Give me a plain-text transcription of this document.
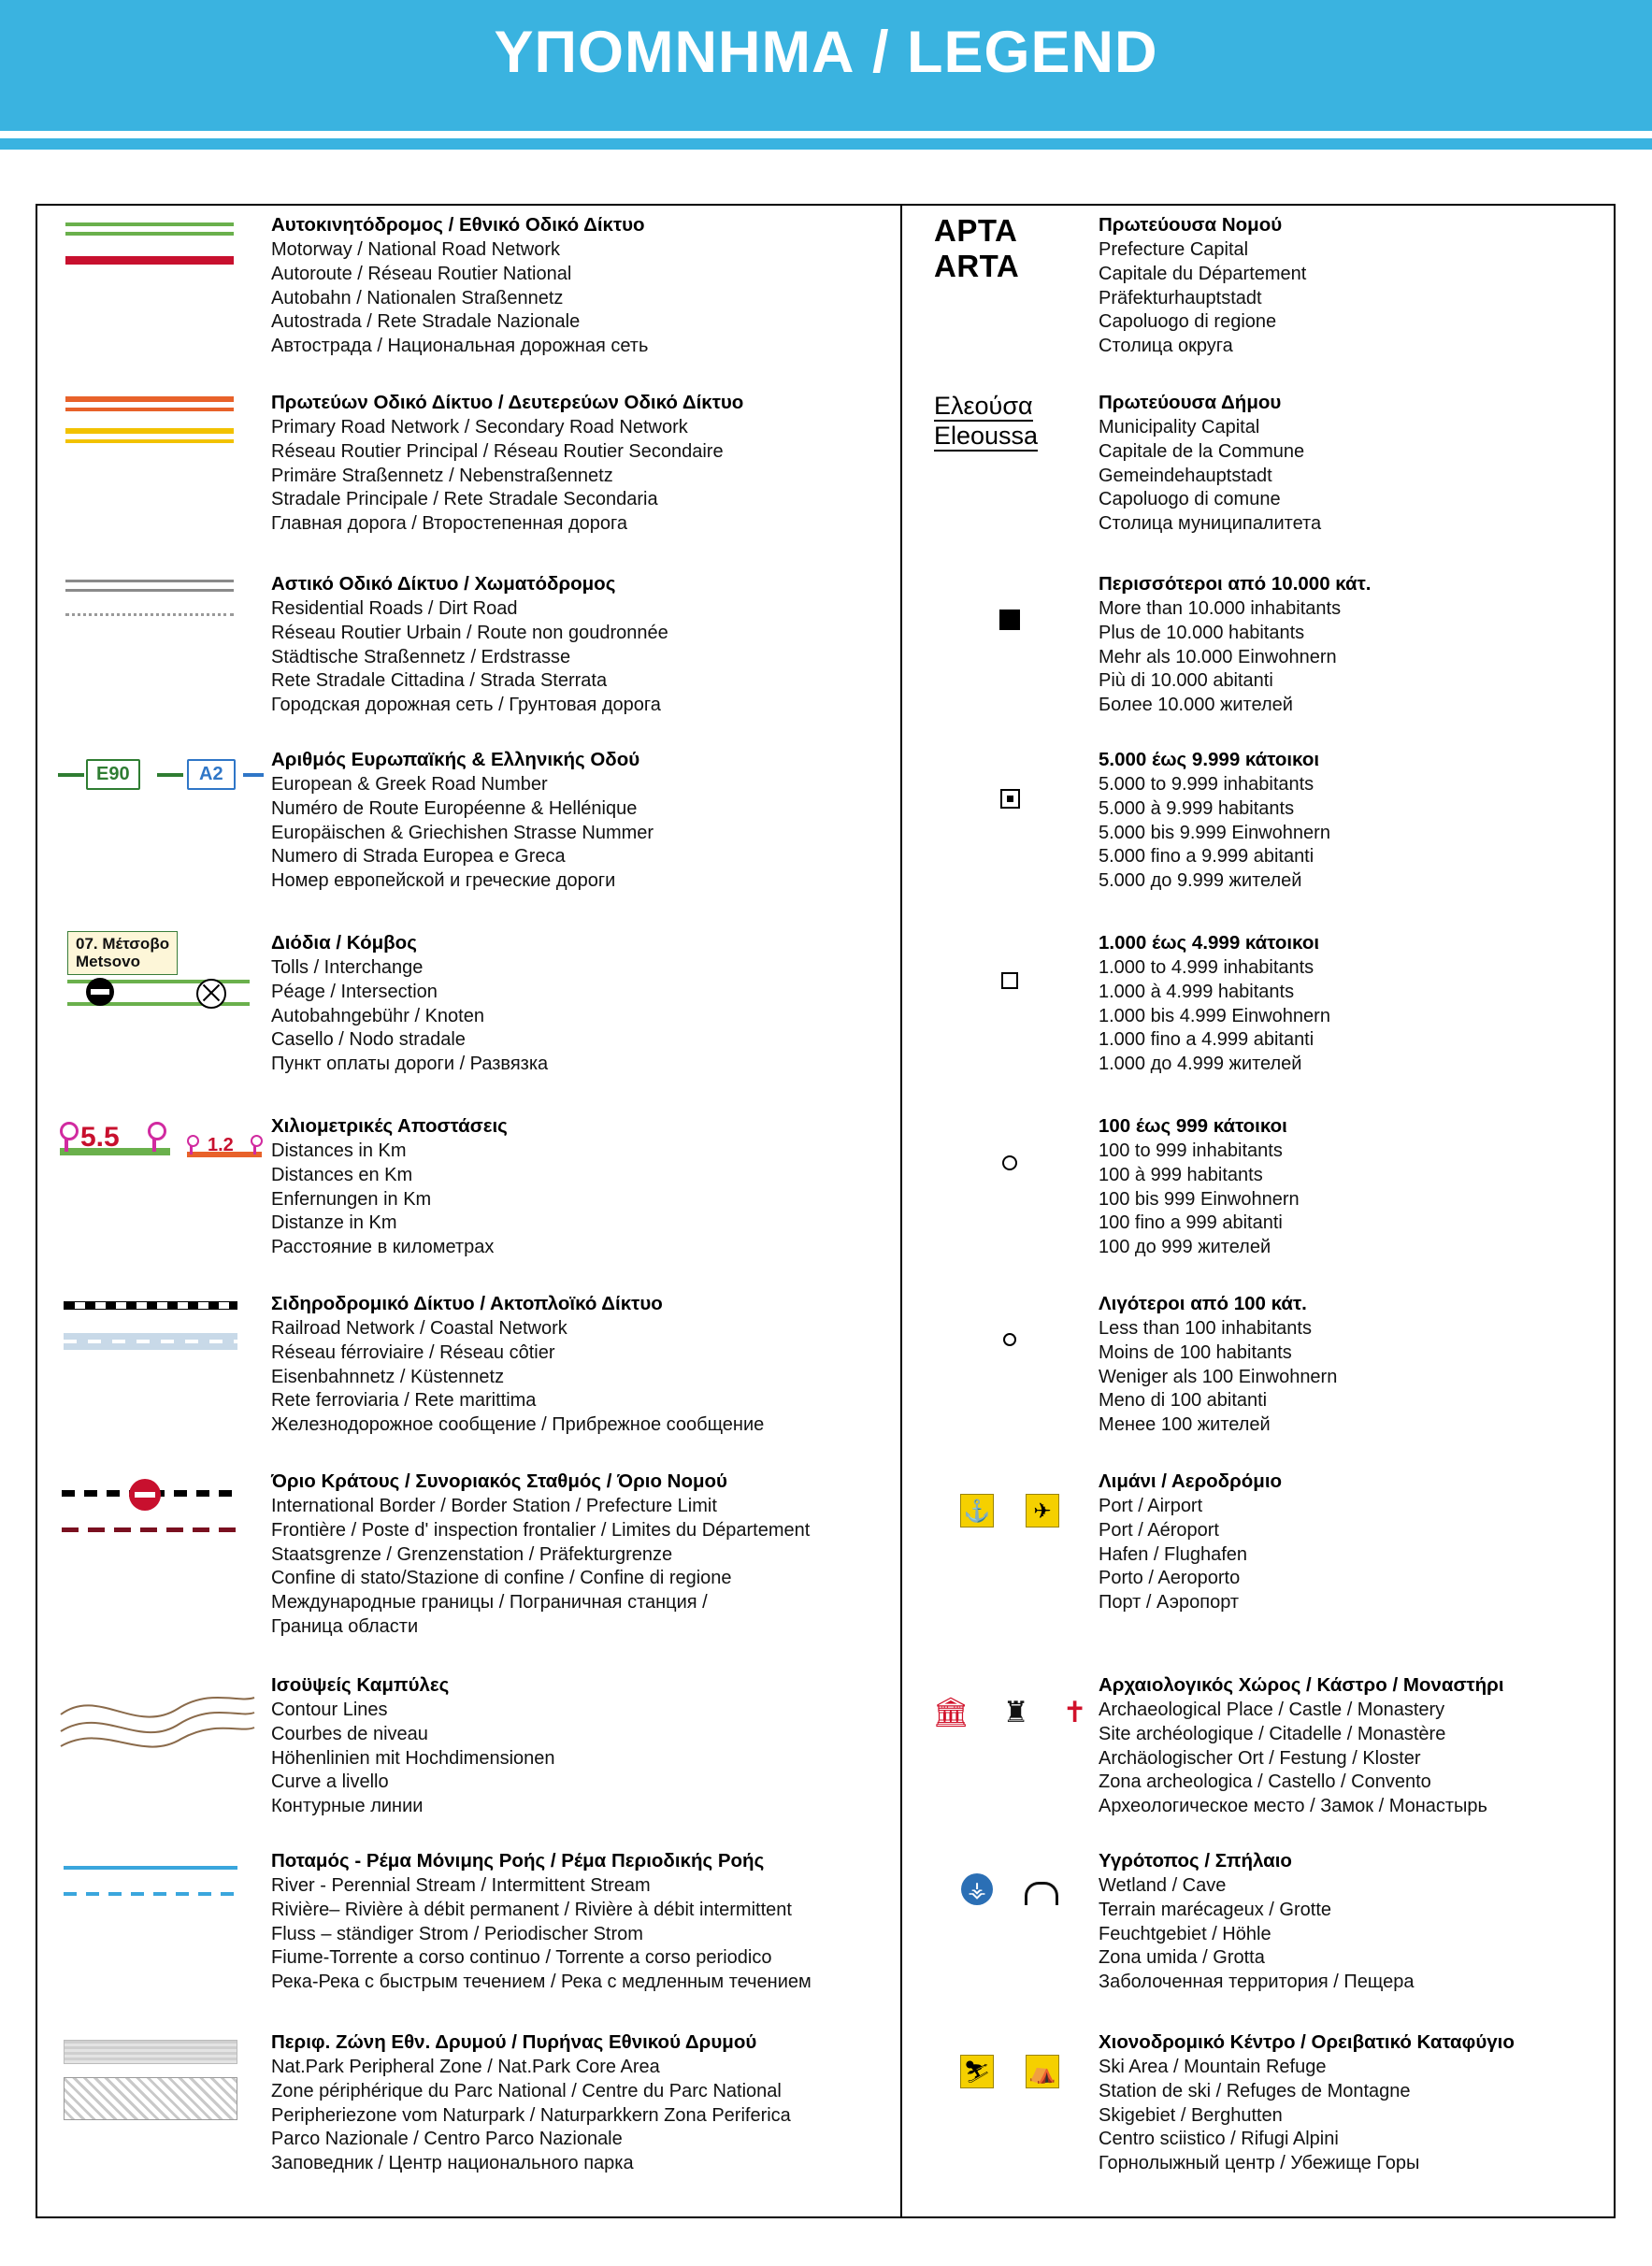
ΥΠΟΜΝΗΜΑ / LEGEND
Αυτοκινητόδρομος / Εθνικό Οδικό Δίκτυο
Motorway / National Road Network
Autoroute / Réseau Routier National
Autobahn / Nationalen Straßennetz
Autostrada / Rete Stradale Nazionale
Автострада / Национальная дорожная сеть
Πρωτεύων Οδικό Δίκτυο / Δευτερεύων Οδικό Δίκτυο
Primary Road Network / Secondary Road Network
Réseau Routier Principal / Réseau Routier Secondaire
Primäre Straßennetz / Nebenstraßennetz
Stradale Principale / Rete Stradale Secondaria
Главная дорога / Второстепенная дорога
Αστικό Οδικό Δίκτυο / Χωματόδρομος
Residential Roads / Dirt Road
Réseau Routier Urbain / Route non goudronnée
Städtische Straßennetz / Erdstrasse
Rete Stradale Cittadina / Strada Sterrata
Городская дорожная сеть / Грунтовая дорога
E90	A2
Αριθμός Ευρωπαϊκής & Ελληνικής Οδού
European & Greek Road Number
Numéro de Route Européenne & Hellénique
Europäischen & Griechishen Strasse Nummer
Numero di Strada Europea e Greca
Номер европейской и греческие дороги
07. Μέτσοβο
Metsovo
Διόδια / Κόμβος
Tolls / Interchange
Péage / Intersection
Autobahngebühr / Knoten
Casello / Nodo stradale
Пункт оплаты дороги / Развязка
5.5	1.2
Χιλιομετρικές Αποστάσεις
Distances in Km
Distances en Km
Enfernungen in Km
Distanze in Km
Расстояние в километрах
Σιδηροδρομικό Δίκτυο / Ακτοπλοϊκό Δίκτυο
Railroad Network / Coastal Network
Réseau férroviaire / Réseau côtier
Eisenbahnnetz / Küstennetz
Rete ferroviaria / Rete marittima
Железнодорожное сообщение / Прибрежное сообщение
Όριο Κράτους / Συνοριακός Σταθμός / Όριο Νομού
International Border / Border Station / Prefecture Limit
Frontière / Poste d' inspection frontalier / Limites du Département
Staatsgrenze / Grenzenstation / Präfekturgrenze
Confine di stato/Stazione di confine / Confine di regione
Международные границы / Пограничная станция /
Граница области
Ισοϋψείς Καμπύλες
Contour Lines
Courbes de niveau
Höhenlinien mit Hochdimensionen
Curve a livello
Контурные линии
Ποταμός - Ρέμα Μόνιμης Ροής / Ρέμα Περιοδικής Ροής
River - Perennial Stream / Intermittent Stream
Rivière– Rivière à débit permanent / Rivière à débit intermittent
Fluss – ständiger Strom / Periodischer Strom
Fiume-Torrente a corso continuo / Torrente a corso periodico
Река-Река с быстрым течением / Река с медленным течением
Περιφ. Ζώνη Εθν. Δρυμού / Πυρήνας Εθνικού Δρυμού
Nat.Park Peripheral Zone / Nat.Park Core Area
Zone périphérique du Parc National / Centre du Parc National
Peripheriezone vom Naturpark / Naturparkkern Zona Periferica
Parco Nazionale / Centro Parco Nazionale
Заповедник / Центр национального парка
ΑΡΤΑ
ARTA
Πρωτεύουσα Νομού
Prefecture Capital
Capitale du Département
Präfekturhauptstadt
Capoluogo di regione
Столица округа
Ελεούσα
Eleoussa
Πρωτεύουσα Δήμου
Municipality Capital
Capitale de la Commune
Gemeindehauptstadt
Capoluogo di comune
Столица муниципалитета
Περισσότεροι από 10.000 κάτ.
More than 10.000 inhabitants
Plus de 10.000 habitants
Mehr als 10.000 Einwohnern
Più di 10.000 abitanti
Более 10.000 жителей
5.000 έως 9.999 κάτοικοι
5.000 to 9.999 inhabitants
5.000 à 9.999 habitants
5.000 bis 9.999 Einwohnern
5.000 fino a 9.999 abitanti
5.000 до 9.999 жителей
1.000 έως 4.999 κάτοικοι
1.000 to 4.999 inhabitants
1.000 à 4.999 habitants
1.000 bis 4.999 Einwohnern
1.000 fino a 4.999 abitanti
1.000 до 4.999 жителей
100 έως 999 κάτοικοι
100 to 999 inhabitants
100 à 999 habitants
100 bis 999 Einwohnern
100 fino a 999 abitanti
100 до 999 жителей
Λιγότεροι από 100 κάτ.
Less than 100 inhabitants
Moins de 100 habitants
Weniger als 100 Einwohnern
Meno di 100 abitanti
Менее 100 жителей
⚓	✈
Λιμάνι / Αεροδρόμιο
Port / Airport
Port / Aéroport
Hafen / Flughafen
Porto / Aeroporto
Порт / Аэропорт
🏛 ♜ ✝
Αρχαιολογικός Χώρος / Κάστρο / Μοναστήρι
Archaeological Place / Castle / Monastery
Site archéologique / Citadelle / Monastère
Archäologischer Ort / Festung / Kloster
Zona archeologica / Castello / Convento
Археологическое место / Замок / Монастырь
⚶
Υγρότοπος / Σπήλαιο
Wetland / Cave
Terrain marécageux / Grotte
Feuchtgebiet / Höhle
Zona umida / Grotta
Заболоченная территория / Пещера
⛷ ⛺
Χιονοδρομικό Κέντρο / Ορειβατικό Καταφύγιο
Ski Area / Mountain Refuge
Station de ski / Refuges de Montagne
Skigebiet / Berghutten
Centro sciistico / Rifugi Alpini
Горнолыжный центр / Убежище Горы
